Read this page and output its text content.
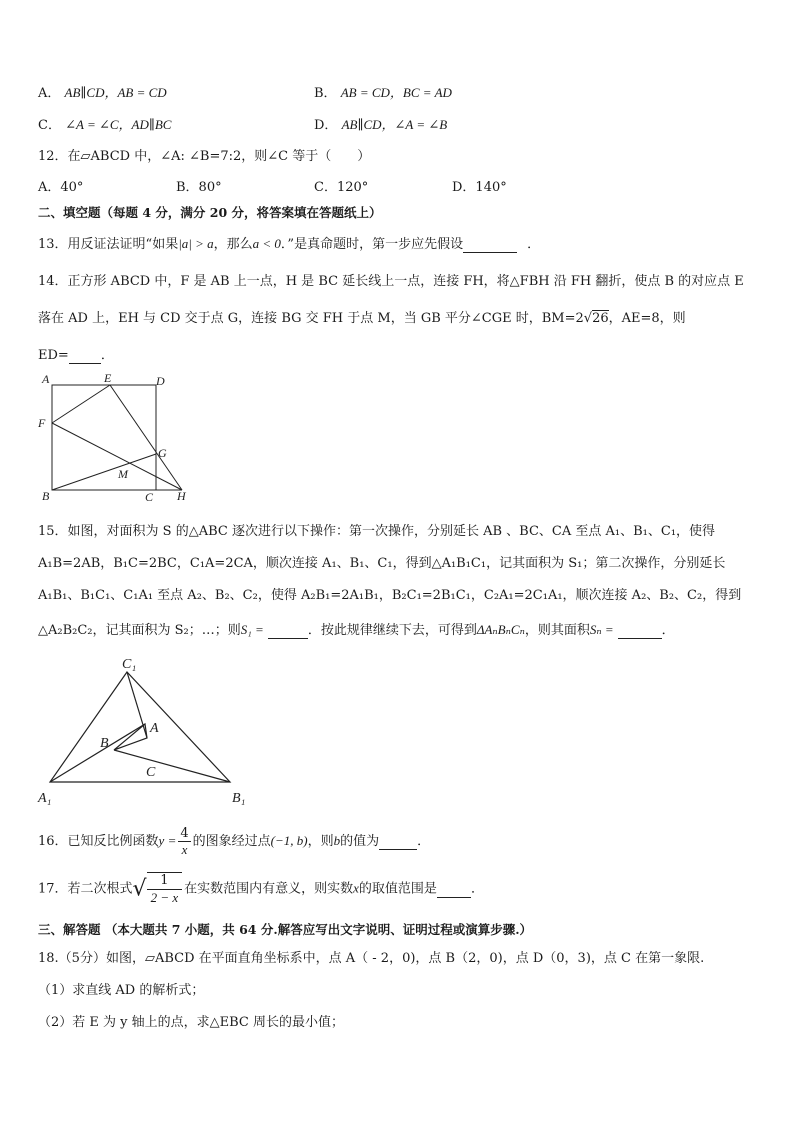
A． AB∥CD，AB = CD	B． AB = CD，BC = AD
C． ∠A = ∠C，AD∥BC	D． AB∥CD，∠A = ∠B
12．在▱ABCD 中，∠A: ∠B=7:2，则∠C 等于（　　）
A．40°	B．80°	C．120°	D．140°
二、填空题（每题 4 分，满分 20 分，将答案填在答题纸上）
13．用反证法证明“如果|a| > a，那么a < 0．”是真命题时，第一步应先假设	．
14．正方形 ABCD 中，F 是 AB 上一点，H 是 BC 延长线上一点，连接 FH，将△FBH 沿 FH 翻折，使点 B 的对应点 E
落在 AD 上，EH 与 CD 交于点 G，连接 BG 交 FH 于点 M，当 GB 平分∠CGE 时，BM=2√26，AE=8，则
ED= ．
A	E	D
F
G
M
B	C H
15．如图，对面积为 S 的△ABC 逐次进行以下操作：第一次操作，分别延长 AB 、BC、CA 至点 A₁、B₁、C₁，使得
A₁B=2AB，B₁C=2BC，C₁A=2CA，顺次连接 A₁、B₁、C₁，得到△A₁B₁C₁，记其面积为 S₁；第二次操作，分别延长
A₁B₁、B₁C₁、C₁A₁ 至点 A₂、B₂、C₂，使得 A₂B₁=2A₁B₁，B₂C₁=2B₁C₁，C₂A₁=2C₁A₁，顺次连接 A₂、B₂、C₂，得到
△A₂B₂C₂，记其面积为 S₂；…；则S₁ =	．按此规律继续下去，可得到ΔAₙBₙCₙ，则其面积Sₙ =	．
C₁
A
B
C
A₁	B₁
16．已知反比例函数$y = \frac{4}{x}$ 的图象经过点(−1, b)，则b的值为	．
17．若二次根式√ $\frac{1}{2 - x}$ 在实数范围内有意义，则实数x的取值范围是	．
三、解答题 （本大题共 7 小题，共 64 分.解答应写出文字说明、证明过程或演算步骤.）
18.（5分）如图，▱ABCD 在平面直角坐标系中，点 A（ - 2，0)，点 B（2，0)，点 D（0，3)，点 C 在第一象限.
（1）求直线 AD 的解析式；
（2）若 E 为 y 轴上的点，求△EBC 周长的最小值；
